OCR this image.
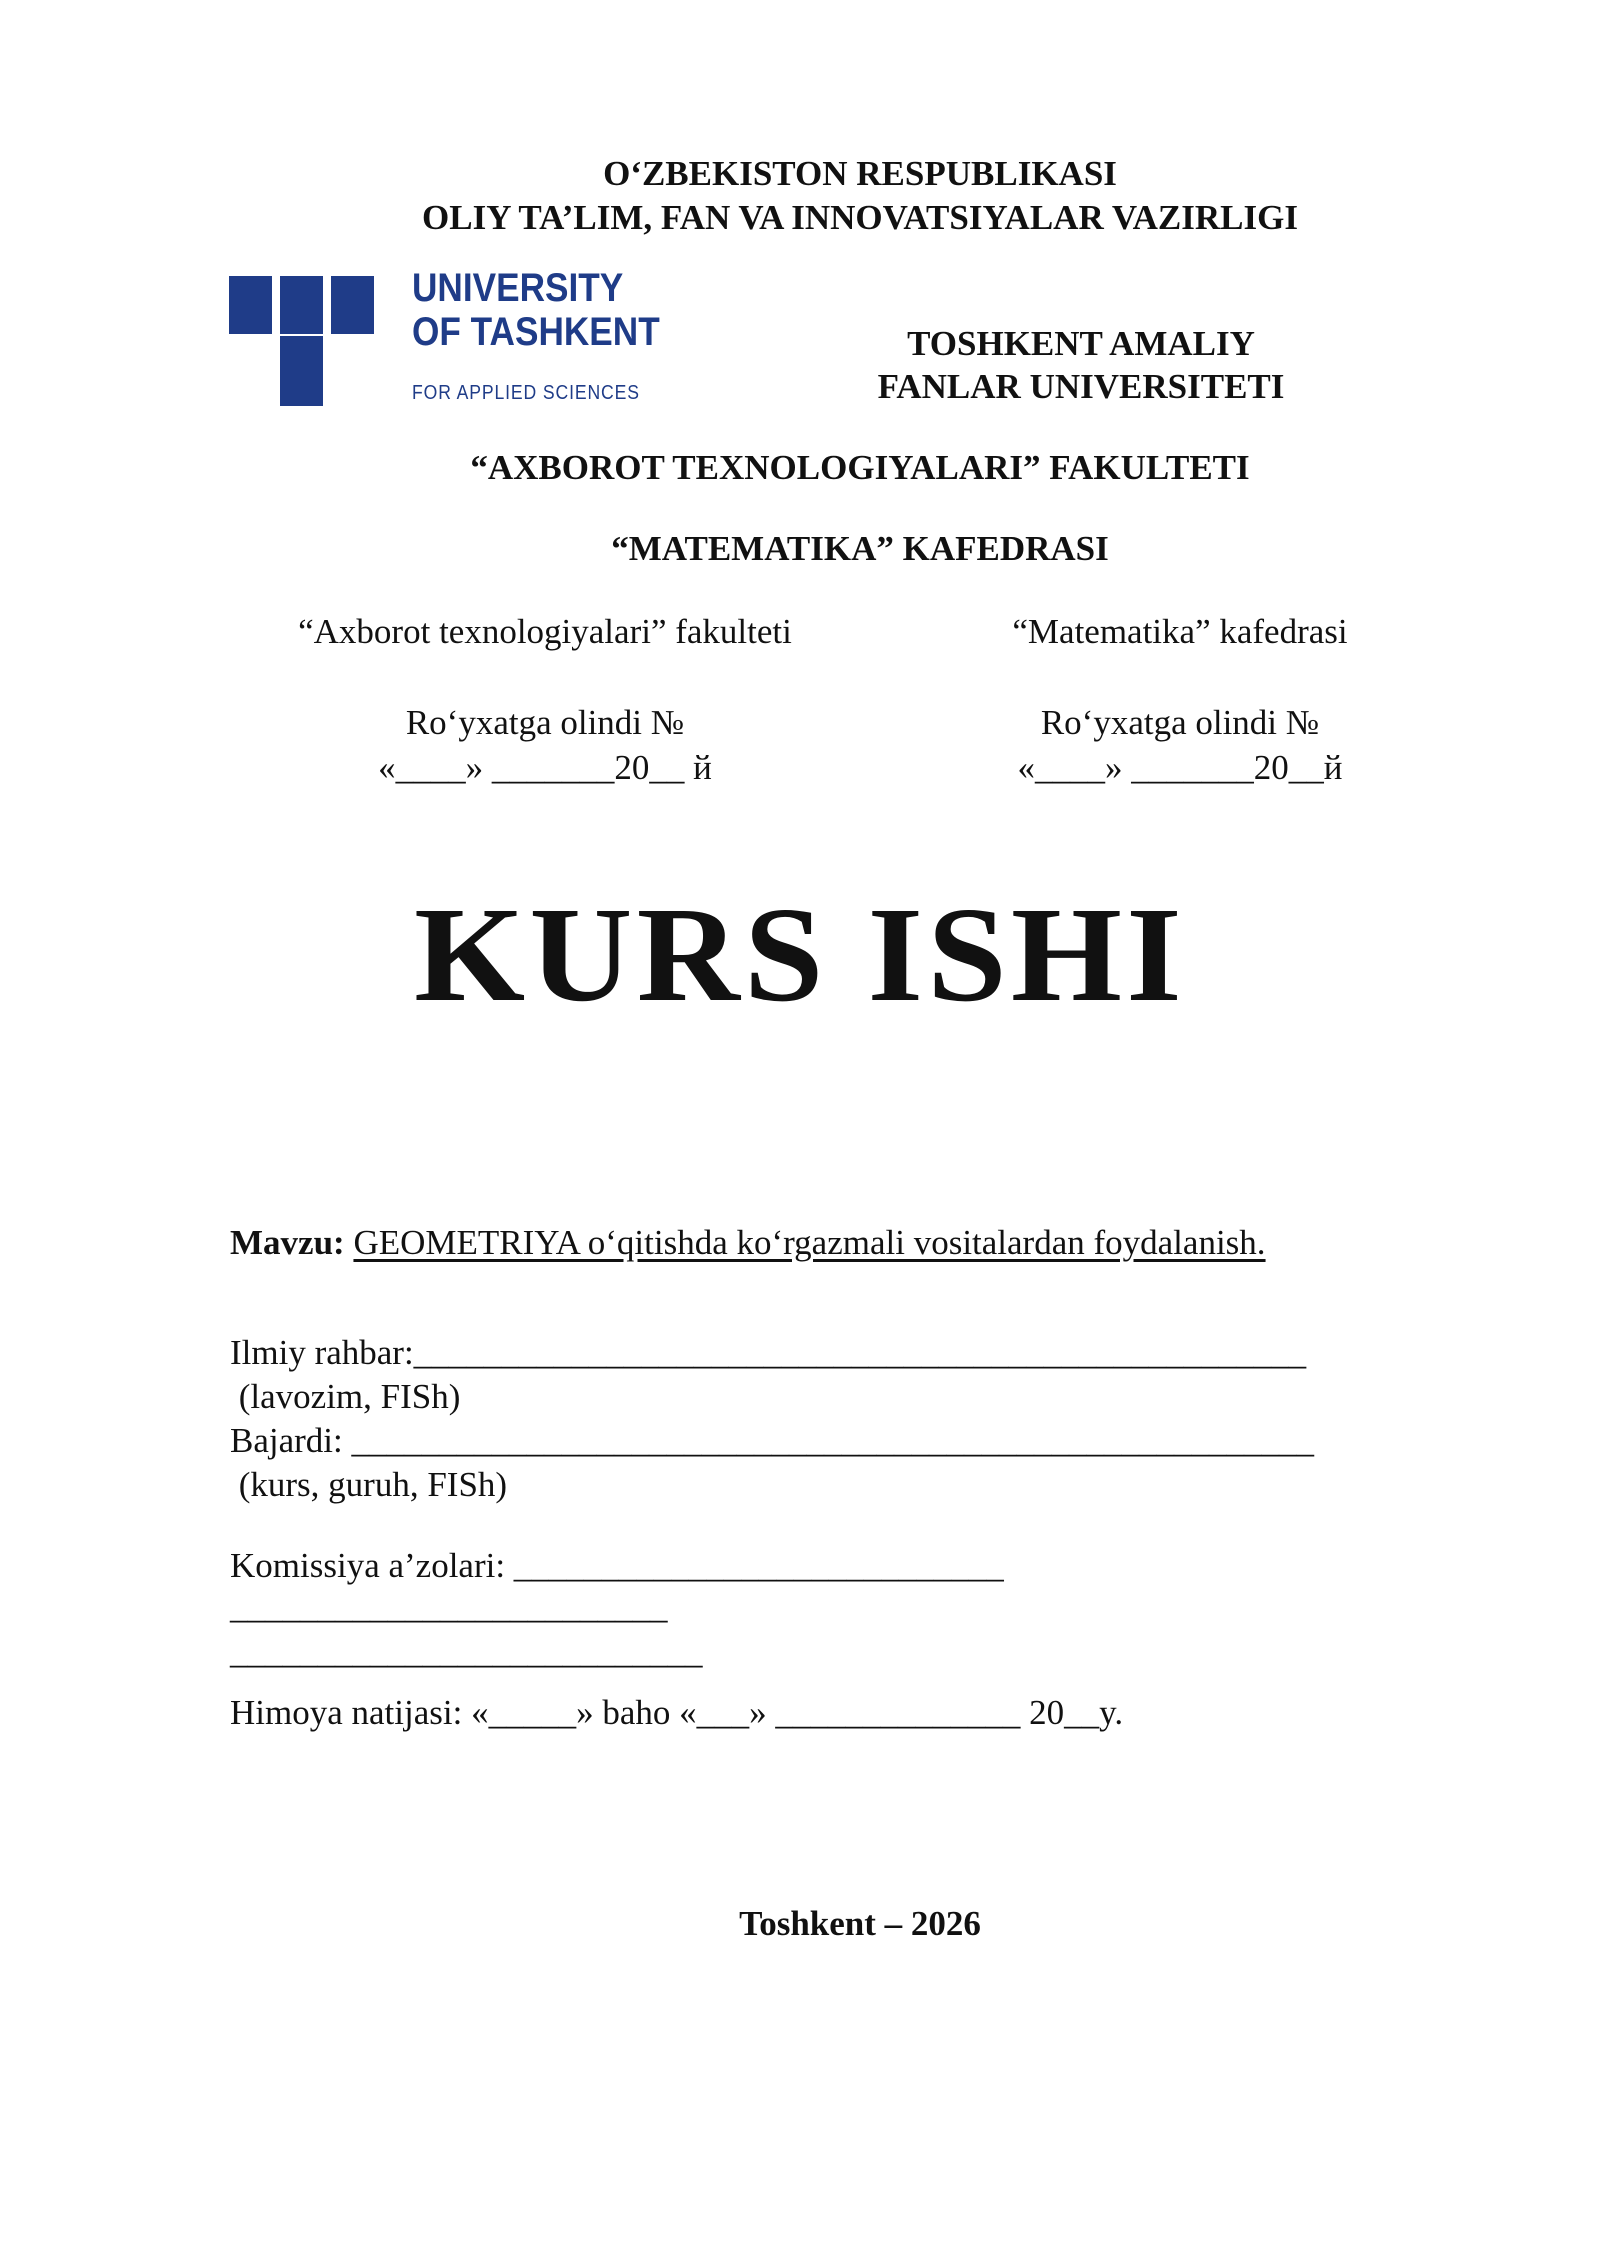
O‘ZBEKISTON RESPUBLIKASI
OLIY TA’LIM, FAN VA INNOVATSIYALAR VAZIRLIGI
UNIVERSITY
OF TASHKENT
FOR APPLIED SCIENCES
TOSHKENT AMALIY
FANLAR UNIVERSITETI
“AXBOROT TEXNOLOGIYALARI” FAKULTETI
“MATEMATIKA” KAFEDRASI
“Axborot texnologiyalari” fakulteti	“Matematika” kafedrasi
Ro‘yxatga olindi №	Ro‘yxatga olindi №
«____» _______20__ й	«____» _______20__й
KURS ISHI
Mavzu: GEOMETRIYA o‘qitishda ko‘rgazmali vositalardan foydalanish.
Ilmiy rahbar:___________________________________________________
(lavozim, FISh)
Bajardi: _______________________________________________________
(kurs, guruh, FISh)
Komissiya a’zolari: ____________________________
_________________________
___________________________
Himoya natijasi: «_____» baho «___» ______________ 20__y.
Toshkent – 2026
